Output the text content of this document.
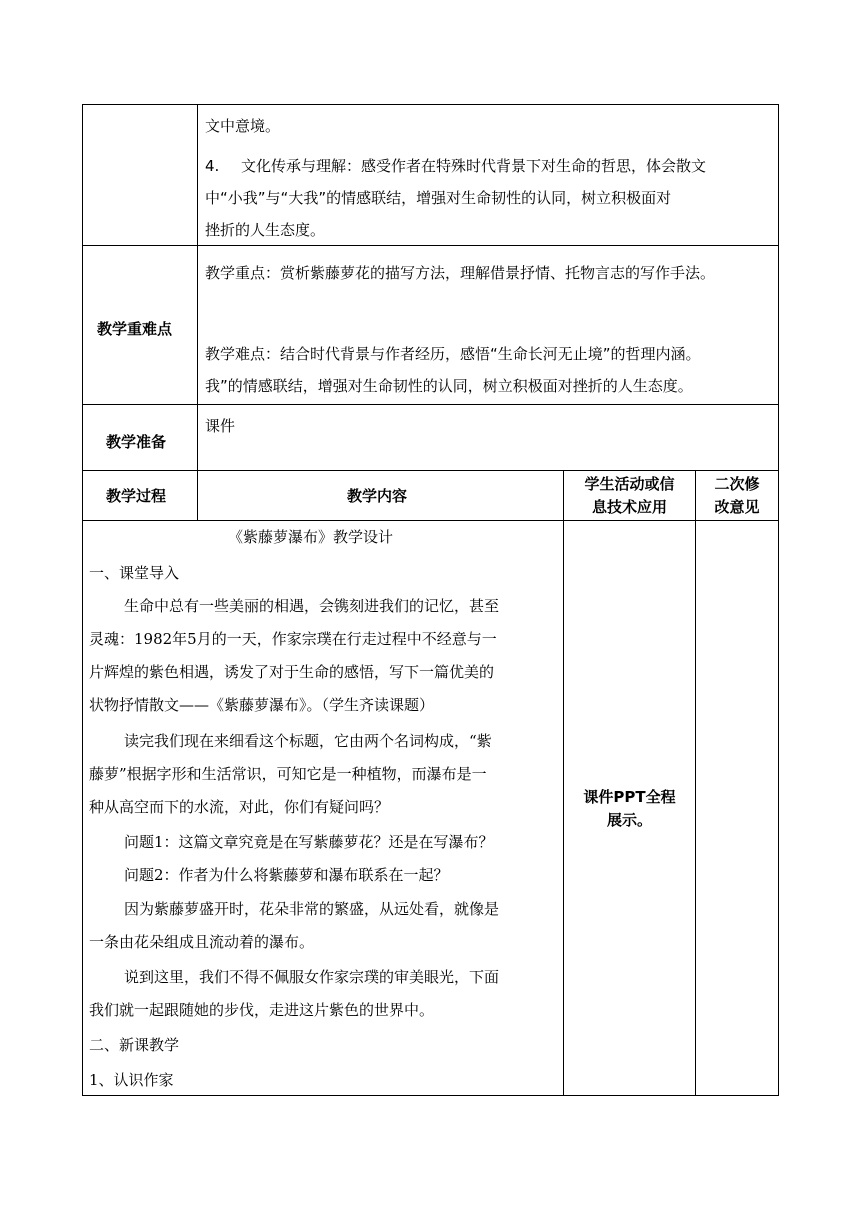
文中意境。
4. 文化传承与理解：感受作者在特殊时代背景下对生命的哲思，体会散文
中“小我”与“大我”的情感联结，增强对生命韧性的认同，树立积极面对
挫折的人生态度。
教学重难点
教学重点：赏析紫藤萝花的描写方法，理解借景抒情、托物言志的写作手法。
教学难点：结合时代背景与作者经历，感悟“生命长河无止境”的哲理内涵。
我”的情感联结，增强对生命韧性的认同，树立积极面对挫折的人生态度。
教学准备
课件
教学过程	教学内容
学生活动或信
息技术应用
二次修
改意见
《紫藤萝瀑布》教学设计
一、课堂导入
生命中总有一些美丽的相遇，会镌刻进我们的记忆，甚至
灵魂：1982年5月的一天，作家宗璞在行走过程中不经意与一
片辉煌的紫色相遇，诱发了对于生命的感悟，写下一篇优美的
状物抒情散文——《紫藤萝瀑布》。（学生齐读课题）
读完我们现在来细看这个标题，它由两个名词构成，“紫
藤萝”根据字形和生活常识，可知它是一种植物，而瀑布是一
种从高空而下的水流，对此，你们有疑问吗？
问题1：这篇文章究竟是在写紫藤萝花？还是在写瀑布？
问题2：作者为什么将紫藤萝和瀑布联系在一起？
因为紫藤萝盛开时，花朵非常的繁盛，从远处看，就像是
一条由花朵组成且流动着的瀑布。
说到这里，我们不得不佩服女作家宗璞的审美眼光，下面
我们就一起跟随她的步伐，走进这片紫色的世界中。
二、新课教学
1、认识作家
课件PPT全程
展示。
